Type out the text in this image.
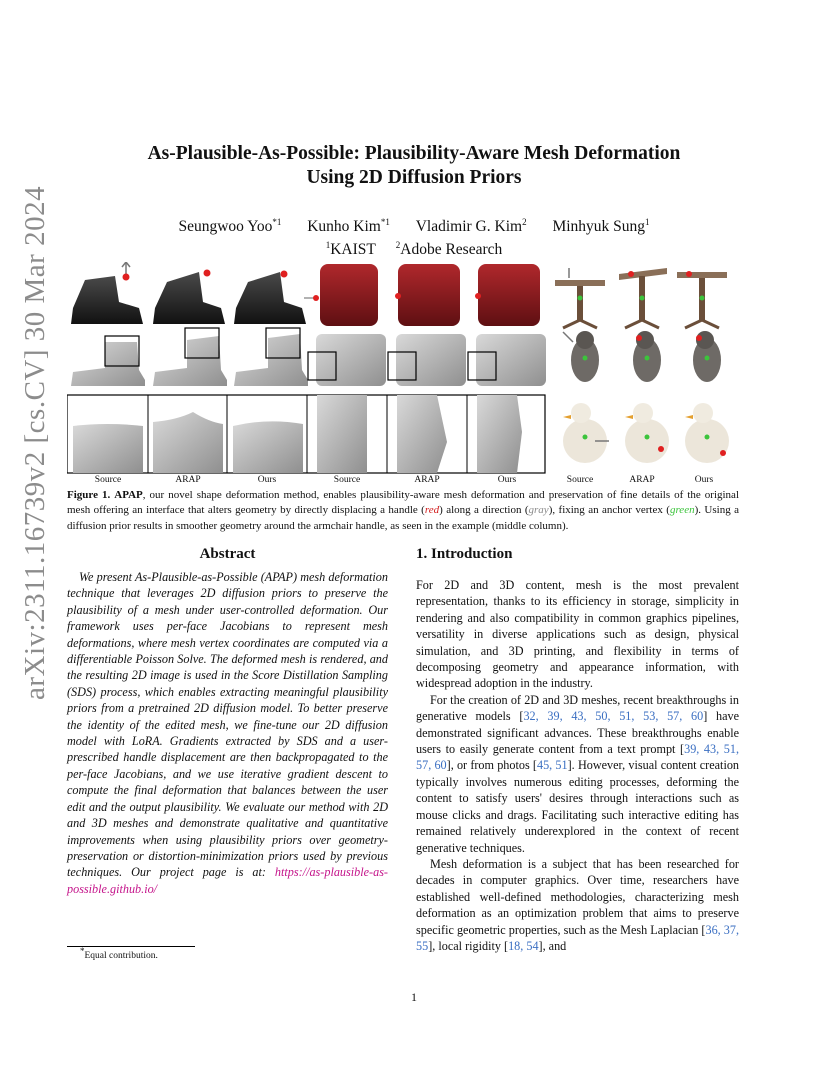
arXiv:2311.16739v2 [cs.CV] 30 Mar 2024
As-Plausible-As-Possible: Plausibility-Aware Mesh Deformation
Using 2D Diffusion Priors
Seungwoo Yoo$^{*1}$ Kunho Kim$^{*1}$ Vladimir G. Kim$^2$ Minhyuk Sung$^1$
$^1$KAIST $^2$Adobe Research
Source	ARAP	Ours	Source	ARAP	Ours	Source	ARAP	Ours
Figure 1. APAP, our novel shape deformation method, enables plausibility-aware mesh deformation and preservation of fine details of the original mesh offering an interface that alters geometry by directly displacing a handle (red) along a direction (gray), fixing an anchor vertex (green). Using a diffusion prior results in smoother geometry around the armchair handle, as seen in the example (middle column).
Abstract

We present As-Plausible-as-Possible (APAP) mesh deformation technique that leverages 2D diffusion priors to preserve the plausibility of a mesh under user-controlled deformation. Our framework uses per-face Jacobians to represent mesh deformations, where mesh vertex coordinates are computed via a differentiable Poisson Solve. The deformed mesh is rendered, and the resulting 2D image is used in the Score Distillation Sampling (SDS) process, which enables extracting meaningful plausibility priors from a pretrained 2D diffusion model. To better preserve the identity of the edited mesh, we fine-tune our 2D diffusion model with LoRA. Gradients extracted by SDS and a user-prescribed handle displacement are then backpropagated to the per-face Jacobians, and we use iterative gradient descent to compute the final deformation that balances between the user edit and the output plausibility. We evaluate our method with 2D and 3D meshes and demonstrate qualitative and quantitative improvements when using plausibility priors over geometry-preservation or distortion-minimization priors used by previous techniques. Our project page is at: https://as-plausible-as-possible.github.io/

1. Introduction

For 2D and 3D content, mesh is the most prevalent representation, thanks to its efficiency in storage, simplicity in rendering and also compatibility in common graphics pipelines, versatility in diverse applications such as design, physical simulation, and 3D printing, and flexibility in terms of decomposing geometry and appearance information, with widespread adoption in the industry.

For the creation of 2D and 3D meshes, recent breakthroughs in generative models [32, 39, 43, 50, 51, 53, 57, 60] have demonstrated significant advances. These breakthroughs enable users to easily generate content from a text prompt [39, 43, 51, 57, 60], or from photos [45, 51]. However, visual content creation typically involves numerous editing processes, deforming the content to satisfy users' desires through interactions such as mouse clicks and drags. Facilitating such interactive editing has remained relatively underexplored in the context of recent generative techniques.

Mesh deformation is a subject that has been researched for decades in computer graphics. Over time, researchers have established well-defined methodologies, characterizing mesh deformation as an optimization problem that aims to preserve specific geometric properties, such as the Mesh Laplacian [36, 37, 55], local rigidity [18, 54], and

*Equal contribution.
1
